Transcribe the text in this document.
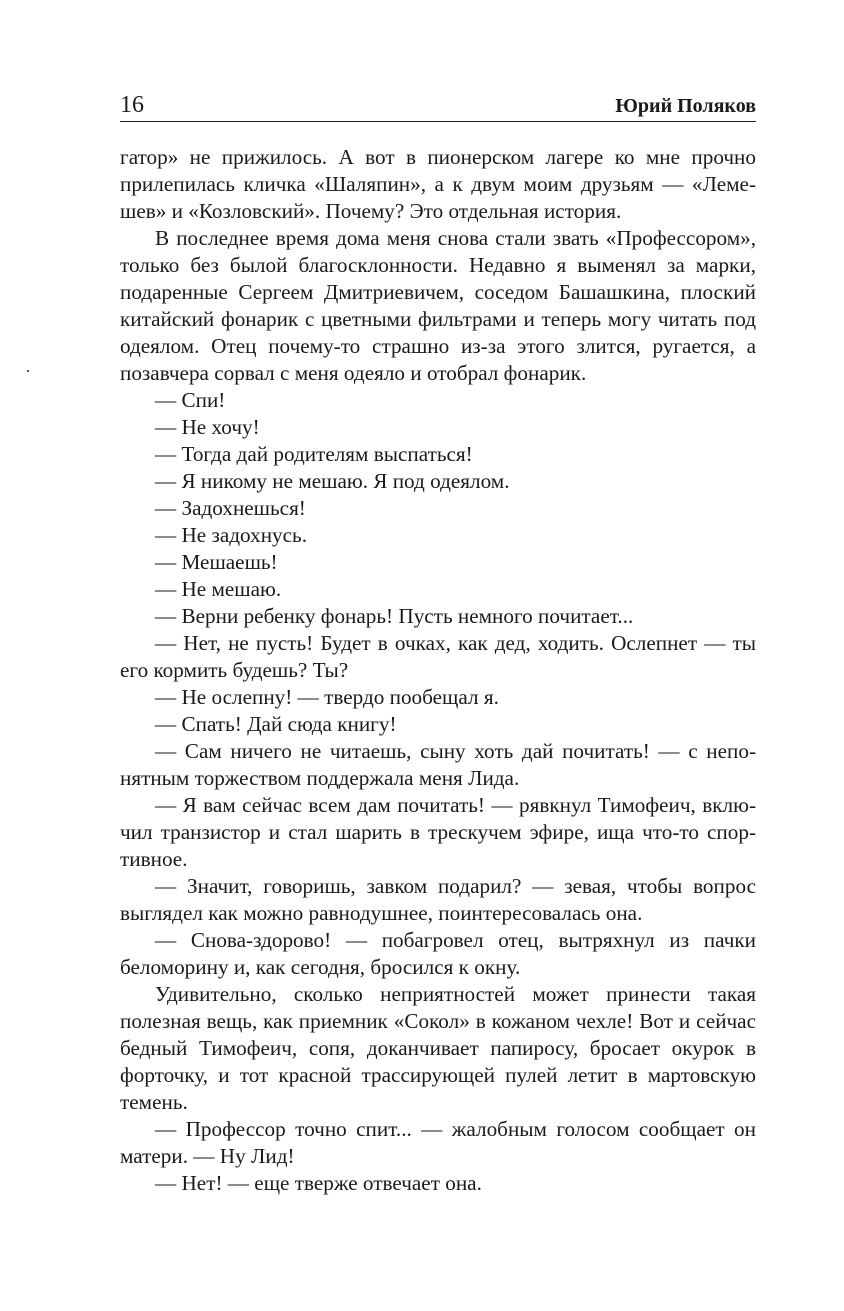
16	Юрий Поляков

гатор» не прижилось. А вот в пионерском лагере ко мне прочно прилепилась кличка «Шаляпин», а к двум моим друзьям — «Лемешев» и «Козловский». Почему? Это отдельная история.

В последнее время дома меня снова стали звать «Профессором», только без былой благосклонности. Недавно я выменял за марки, подаренные Сергеем Дмитриевичем, соседом Башашкина, плоский китайский фонарик с цветными фильтрами и теперь могу читать под одеялом. Отец почему-то страшно из-за этого злится, ругается, а позавчера сорвал с меня одеяло и отобрал фонарик.

— Спи!

— Не хочу!

— Тогда дай родителям выспаться!

— Я никому не мешаю. Я под одеялом.

— Задохнешься!

— Не задохнусь.

— Мешаешь!

— Не мешаю.

— Верни ребенку фонарь! Пусть немного почитает...

— Нет, не пусть! Будет в очках, как дед, ходить. Ослепнет — ты его кормить будешь? Ты?

— Не ослепну! — твердо пообещал я.

— Спать! Дай сюда книгу!

— Сам ничего не читаешь, сыну хоть дай почитать! — с непонятным торжеством поддержала меня Лида.

— Я вам сейчас всем дам почитать! — рявкнул Тимофеич, включил транзистор и стал шарить в трескучем эфире, ища что-то спортивное.

— Значит, говоришь, завком подарил? — зевая, чтобы вопрос выглядел как можно равнодушнее, поинтересовалась она.

— Снова-здорово! — побагровел отец, вытряхнул из пачки беломорину и, как сегодня, бросился к окну.

Удивительно, сколько неприятностей может принести такая полезная вещь, как приемник «Сокол» в кожаном чехле! Вот и сейчас бедный Тимофеич, сопя, доканчивает папиросу, бросает окурок в форточку, и тот красной трассирующей пулей летит в мартовскую темень.

— Профессор точно спит... — жалобным голосом сообщает он матери. — Ну Лид!

— Нет! — еще тверже отвечает она.
